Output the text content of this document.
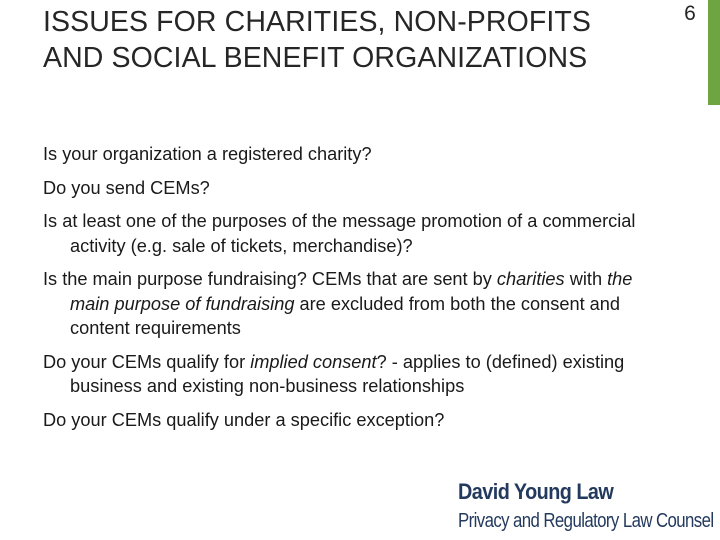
ISSUES FOR CHARITIES, NON-PROFITS AND SOCIAL BENEFIT ORGANIZATIONS
6
Is your organization a registered charity?
Do you send CEMs?
Is at least one of the purposes of the message promotion of a commercial activity (e.g. sale of tickets, merchandise)?
Is the main purpose fundraising? CEMs that are sent by charities with the main purpose of fundraising are excluded from both the consent and content requirements
Do your CEMs qualify for implied consent? - applies to (defined) existing business and existing non-business relationships
Do your CEMs qualify under a specific exception?
David Young Law
Privacy and Regulatory Law Counsel
